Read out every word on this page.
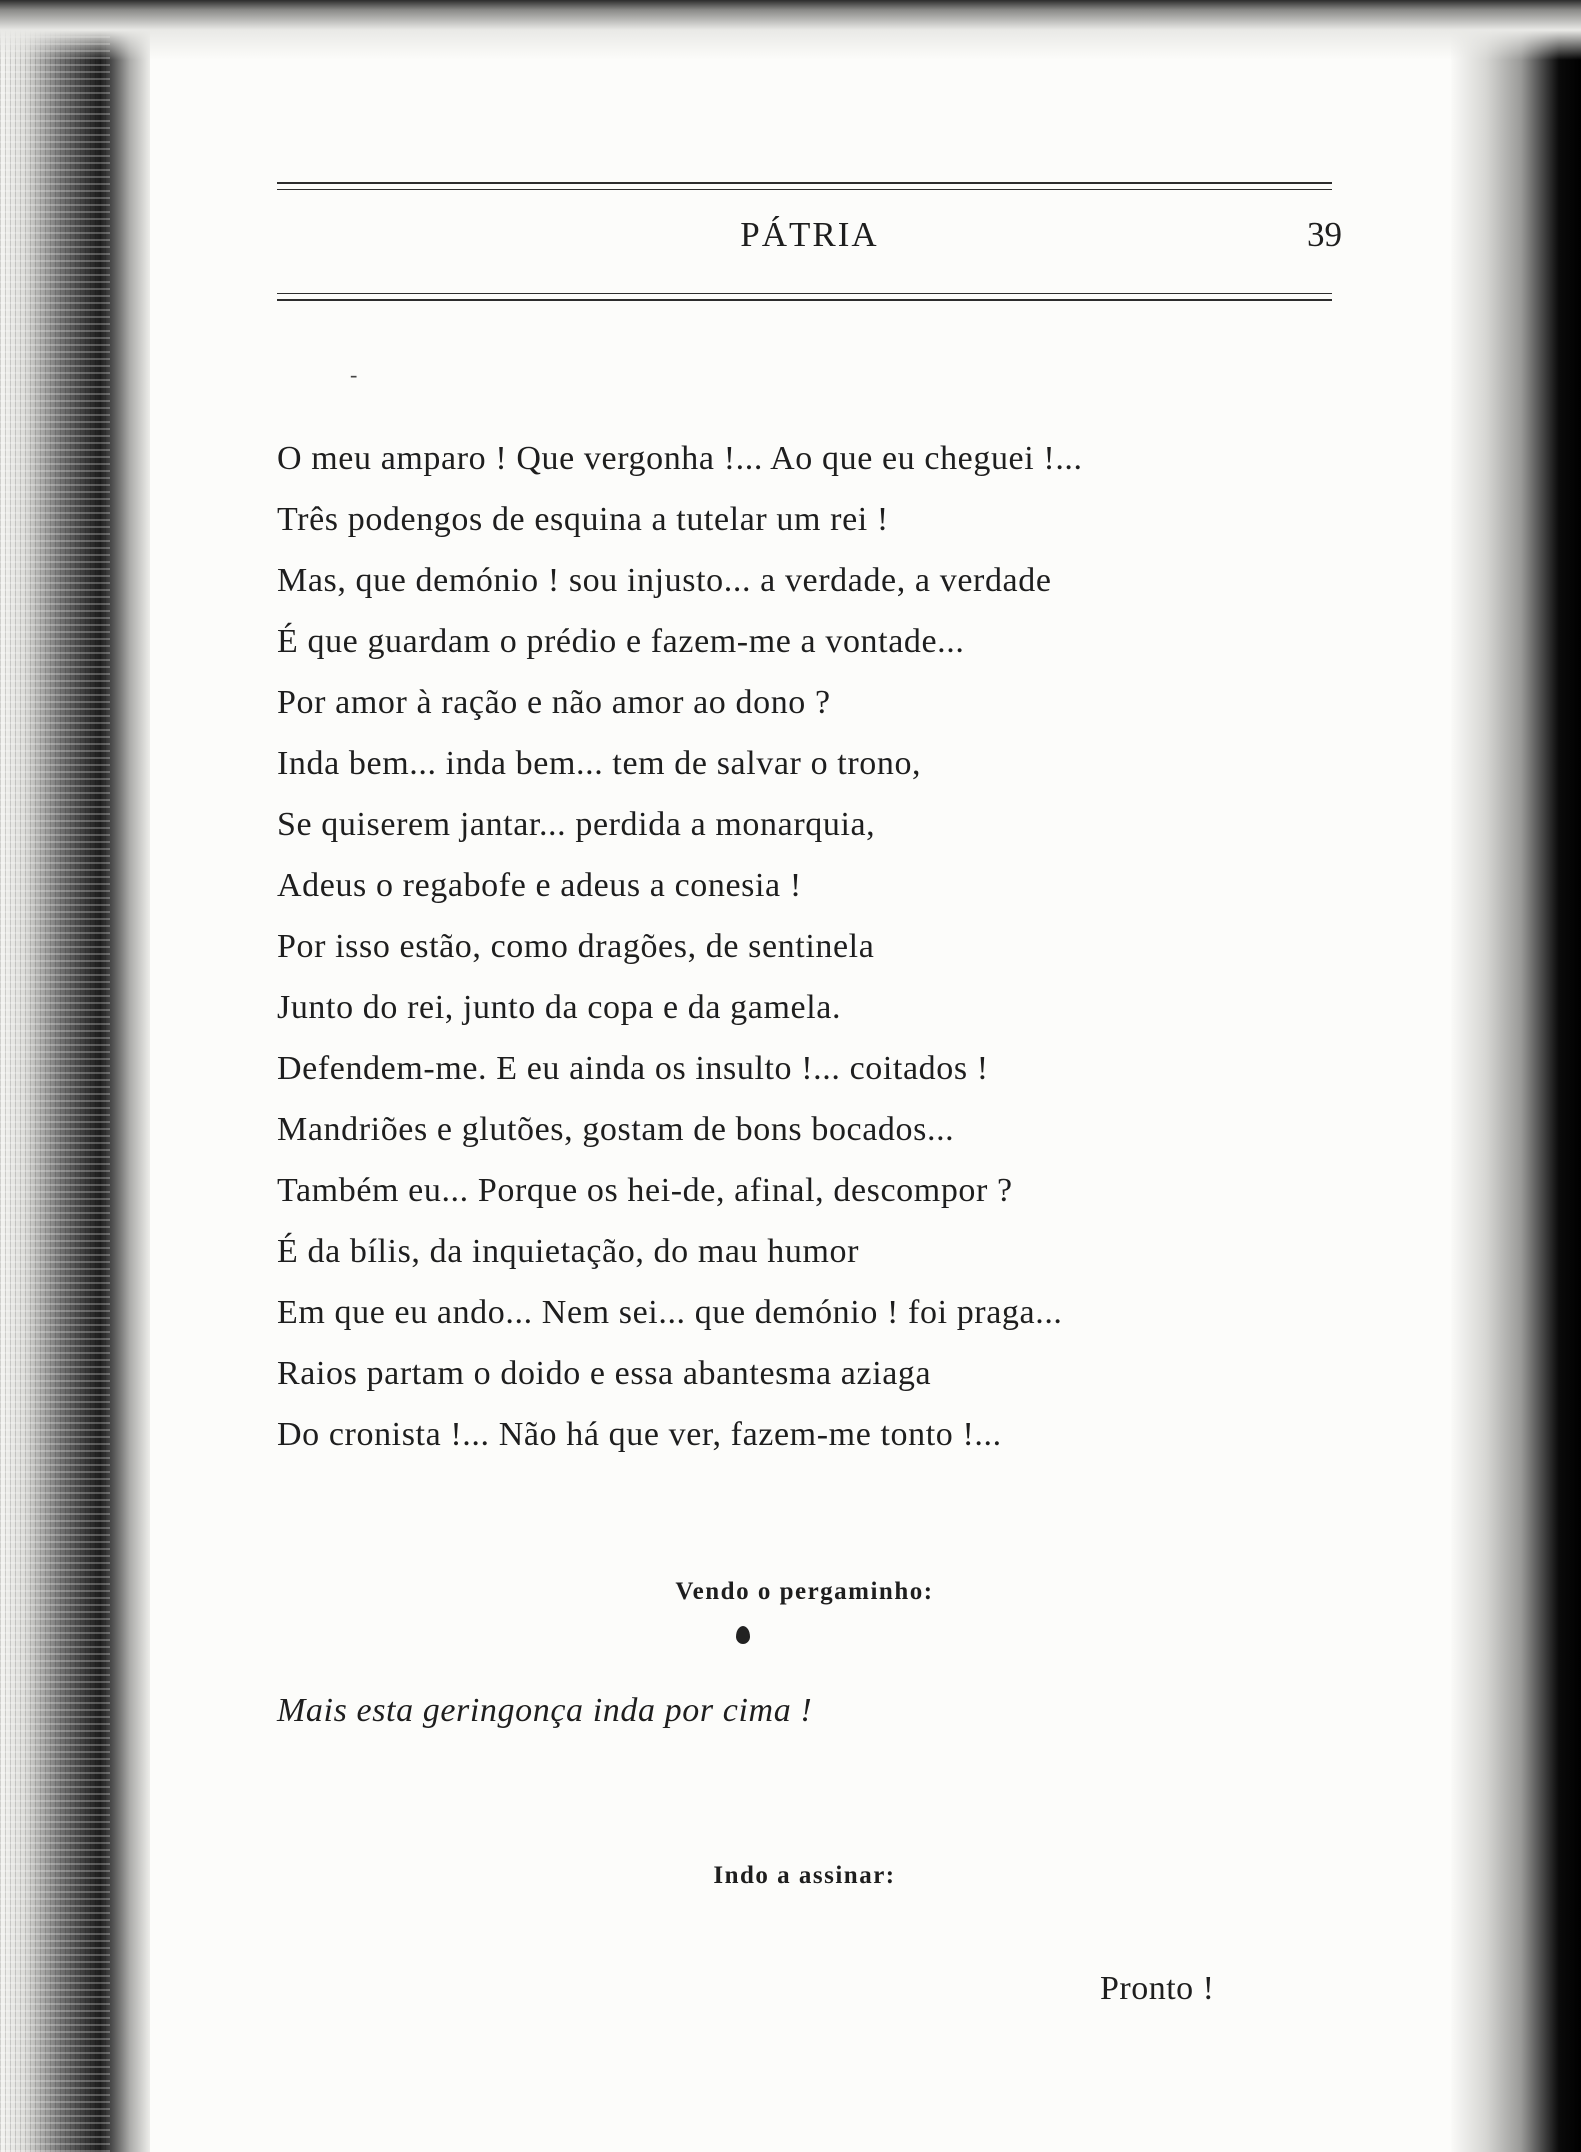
PÁTRIA	39
-
O meu amparo ! Que vergonha !... Ao que eu cheguei !...
Três podengos de esquina a tutelar um rei !
Mas, que demónio ! sou injusto... a verdade, a verdade
É que guardam o prédio e fazem-me a vontade...
Por amor à ração e não amor ao dono ?
Inda bem... inda bem... tem de salvar o trono,
Se quiserem jantar... perdida a monarquia,
Adeus o regabofe e adeus a conesia !
Por isso estão, como dragões, de sentinela
Junto do rei, junto da copa e da gamela.
Defendem-me. E eu ainda os insulto !... coitados !
Mandriões e glutões, gostam de bons bocados...
Também eu... Porque os hei-de, afinal, descompor ?
É da bílis, da inquietação, do mau humor
Em que eu ando... Nem sei... que demónio ! foi praga...
Raios partam o doido e essa abantesma aziaga
Do cronista !... Não há que ver, fazem-me tonto !...
Vendo o pergaminho:
Mais esta geringonça inda por cima !
Indo a assinar:
Pronto !
